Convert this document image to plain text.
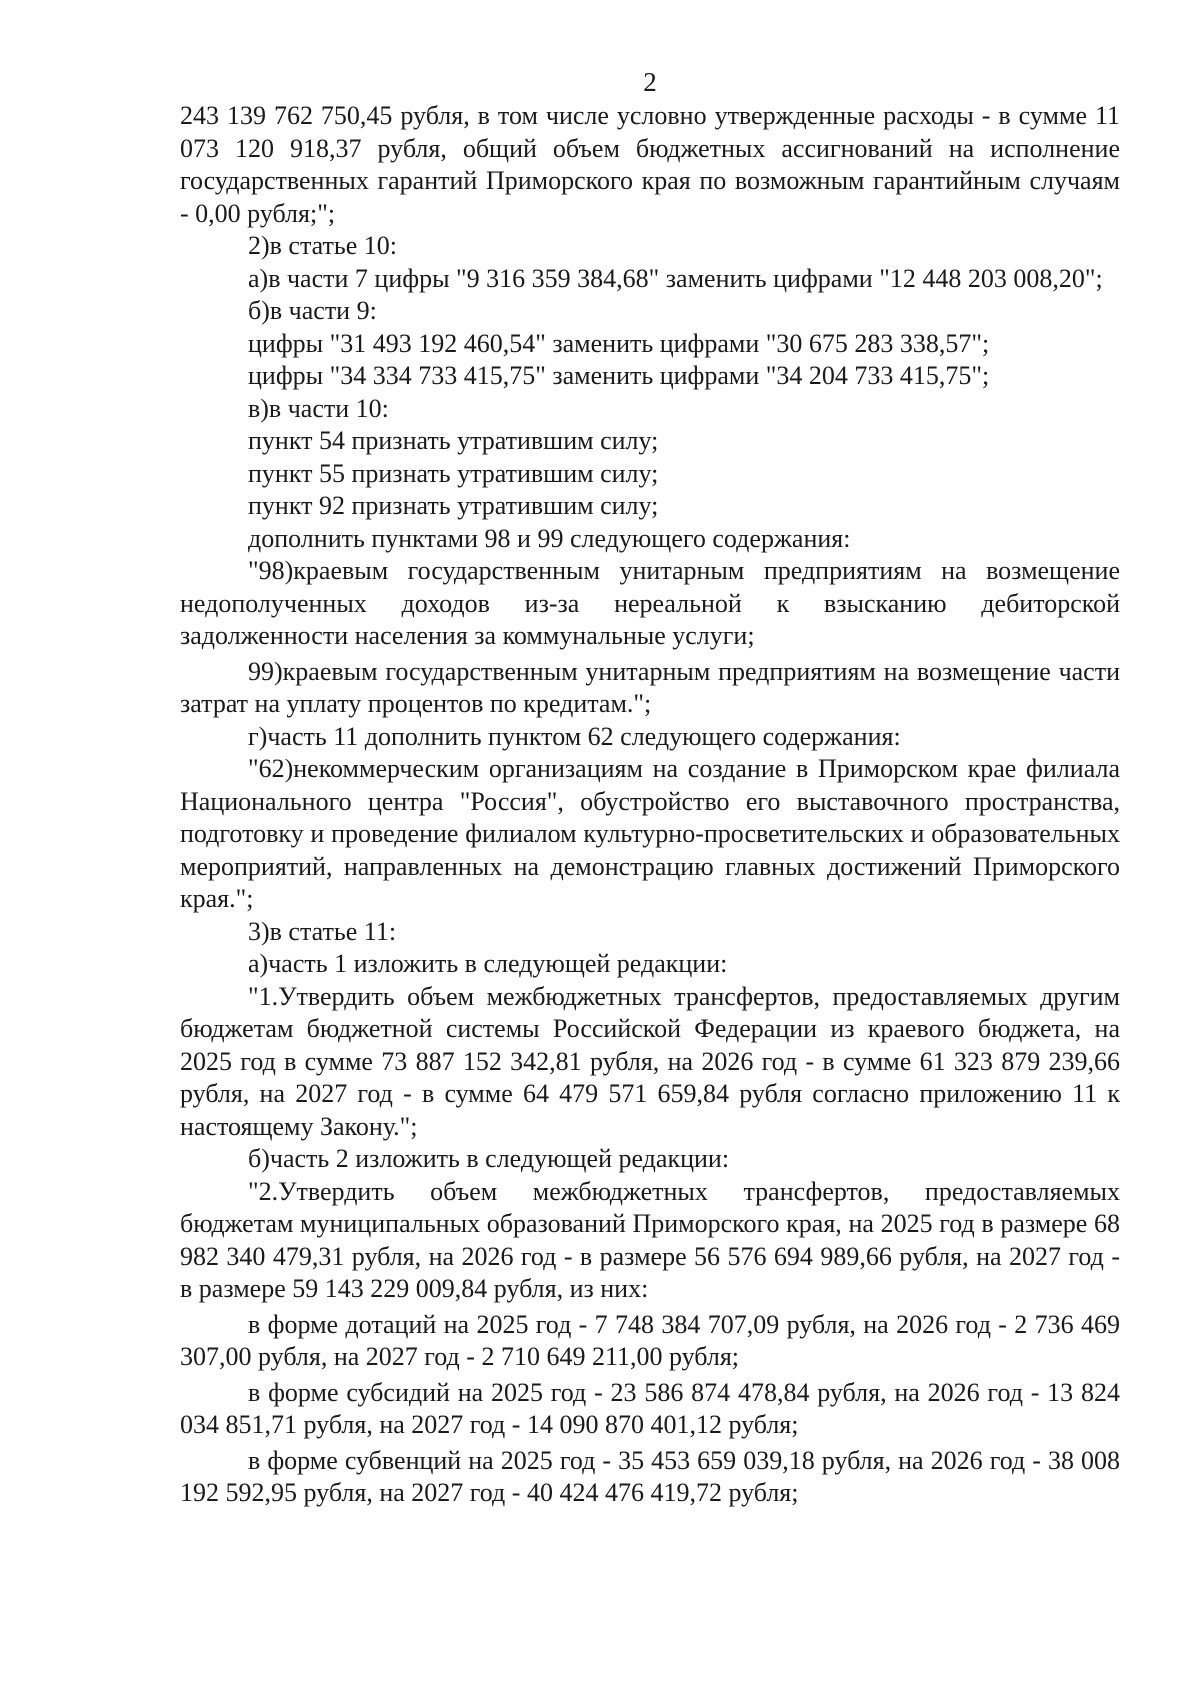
2

243 139 762 750,45 рубля, в том числе условно утвержденные расходы - в сумме 11 073 120 918,37 рубля, общий объем бюджетных ассигнований на исполнение государственных гарантий Приморского края по возможным гарантийным случаям - 0,00 рубля;";

2)в статье 10:

а)в части 7 цифры "9 316 359 384,68" заменить цифрами "12 448 203 008,20";

б)в части 9:

цифры "31 493 192 460,54" заменить цифрами "30 675 283 338,57";

цифры "34 334 733 415,75" заменить цифрами "34 204 733 415,75";

в)в части 10:

пункт 54 признать утратившим силу;

пункт 55 признать утратившим силу;

пункт 92 признать утратившим силу;

дополнить пунктами 98 и 99 следующего содержания:

"98)краевым государственным унитарным предприятиям на возмещение недополученных доходов из-за нереальной к взысканию дебиторской задолженности населения за коммунальные услуги;

99)краевым государственным унитарным предприятиям на возмещение части затрат на уплату процентов по кредитам.";

г)часть 11 дополнить пунктом 62 следующего содержания:

"62)некоммерческим организациям на создание в Приморском крае филиала Национального центра "Россия", обустройство его выставочного пространства, подготовку и проведение филиалом культурно-просветительских и образовательных мероприятий, направленных на демонстрацию главных достижений Приморского края.";

3)в статье 11:

а)часть 1 изложить в следующей редакции:

"1.Утвердить объем межбюджетных трансфертов, предоставляемых другим бюджетам бюджетной системы Российской Федерации из краевого бюджета, на 2025 год в сумме 73 887 152 342,81 рубля, на 2026 год - в сумме 61 323 879 239,66 рубля, на 2027 год - в сумме 64 479 571 659,84 рубля согласно приложению 11 к настоящему Закону.";

б)часть 2 изложить в следующей редакции:

"2.Утвердить объем межбюджетных трансфертов, предоставляемых бюджетам муниципальных образований Приморского края, на 2025 год в размере 68 982 340 479,31 рубля, на 2026 год - в размере 56 576 694 989,66 рубля, на 2027 год - в размере 59 143 229 009,84 рубля, из них:

в форме дотаций на 2025 год - 7 748 384 707,09 рубля, на 2026 год - 2 736 469 307,00 рубля, на 2027 год - 2 710 649 211,00 рубля;

в форме субсидий на 2025 год - 23 586 874 478,84 рубля, на 2026 год - 13 824 034 851,71 рубля, на 2027 год - 14 090 870 401,12 рубля;

в форме субвенций на 2025 год - 35 453 659 039,18 рубля, на 2026 год - 38 008 192 592,95 рубля, на 2027 год - 40 424 476 419,72 рубля;
